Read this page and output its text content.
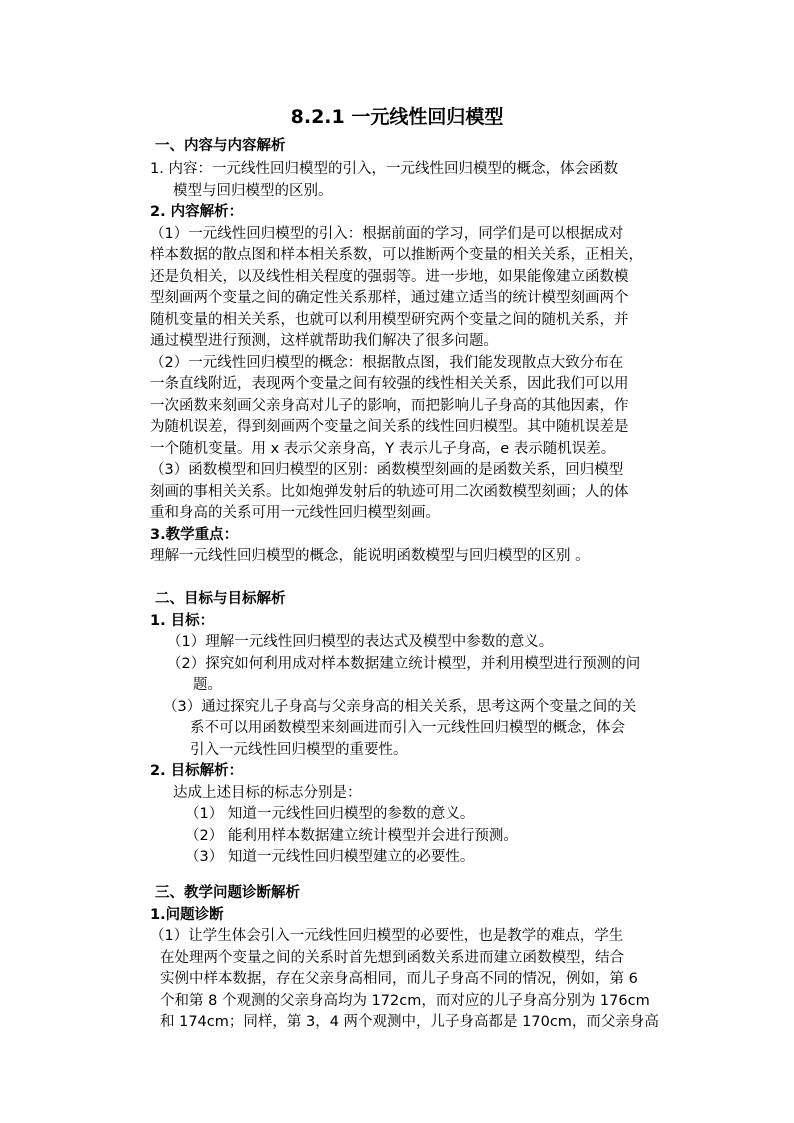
8.2.1 一元线性回归模型
一、内容与内容解析
1. 内容：一元线性回归模型的引入，一元线性回归模型的概念，体会函数
模型与回归模型的区别。
2. 内容解析：
（1）一元线性回归模型的引入：根据前面的学习，同学们是可以根据成对
样本数据的散点图和样本相关系数，可以推断两个变量的相关关系，正相关，
还是负相关，以及线性相关程度的强弱等。进一步地，如果能像建立函数模
型刻画两个变量之间的确定性关系那样，通过建立适当的统计模型刻画两个
随机变量的相关关系，也就可以利用模型研究两个变量之间的随机关系，并
通过模型进行预测，这样就帮助我们解决了很多问题。
（2）一元线性回归模型的概念：根据散点图，我们能发现散点大致分布在
一条直线附近，表现两个变量之间有较强的线性相关关系，因此我们可以用
一次函数来刻画父亲身高对儿子的影响，而把影响儿子身高的其他因素，作
为随机误差，得到刻画两个变量之间关系的线性回归模型。其中随机误差是
一个随机变量。用 x 表示父亲身高，Y 表示儿子身高，e 表示随机误差。
（3）函数模型和回归模型的区别：函数模型刻画的是函数关系，回归模型
刻画的事相关关系。比如炮弹发射后的轨迹可用二次函数模型刻画；人的体
重和身高的关系可用一元线性回归模型刻画。
3.教学重点：
理解一元线性回归模型的概念，能说明函数模型与回归模型的区别 。
二、目标与目标解析
1. 目标：
（1）理解一元线性回归模型的表达式及模型中参数的意义。
（2）探究如何利用成对样本数据建立统计模型，并利用模型进行预测的问
题。
（3）通过探究儿子身高与父亲身高的相关关系，思考这两个变量之间的关
系不可以用函数模型来刻画进而引入一元线性回归模型的概念，体会
引入一元线性回归模型的重要性。
2. 目标解析：
达成上述目标的标志分别是：
（1） 知道一元线性回归模型的参数的意义。
（2） 能利用样本数据建立统计模型并会进行预测。
（3） 知道一元线性回归模型建立的必要性。
三、教学问题诊断解析
1.问题诊断
（1）让学生体会引入一元线性回归模型的必要性，也是教学的难点，学生
在处理两个变量之间的关系时首先想到函数关系进而建立函数模型，结合
实例中样本数据，存在父亲身高相同，而儿子身高不同的情况，例如，第 6
个和第 8 个观测的父亲身高均为 172cm，而对应的儿子身高分别为 176cm
和 174cm；同样，第 3，4 两个观测中，儿子身高都是 170cm，而父亲身高
